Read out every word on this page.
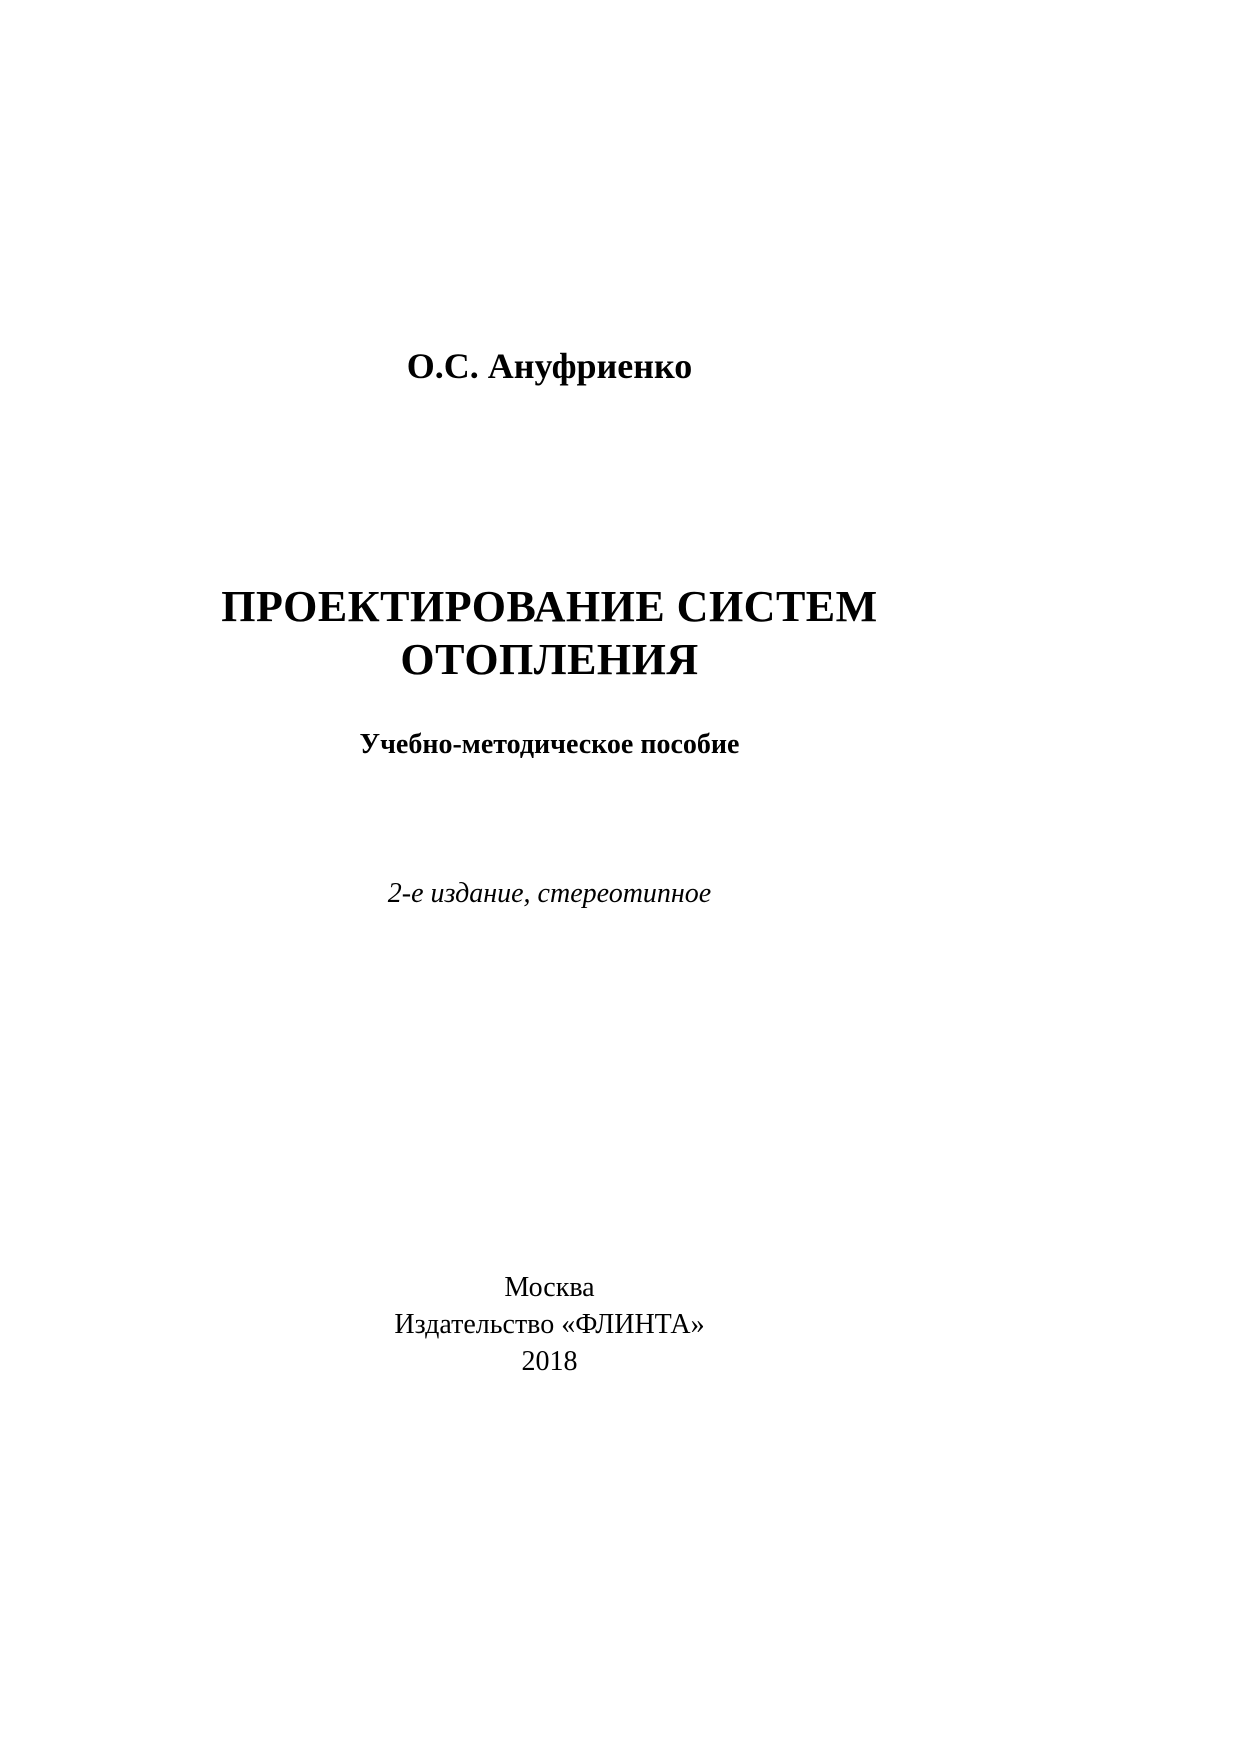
О.С. Ануфриенко
ПРОЕКТИРОВАНИЕ СИСТЕМ
ОТОПЛЕНИЯ
Учебно-методическое пособие
2-е издание, стереотипное
Москва
Издательство «ФЛИНТА»
2018
